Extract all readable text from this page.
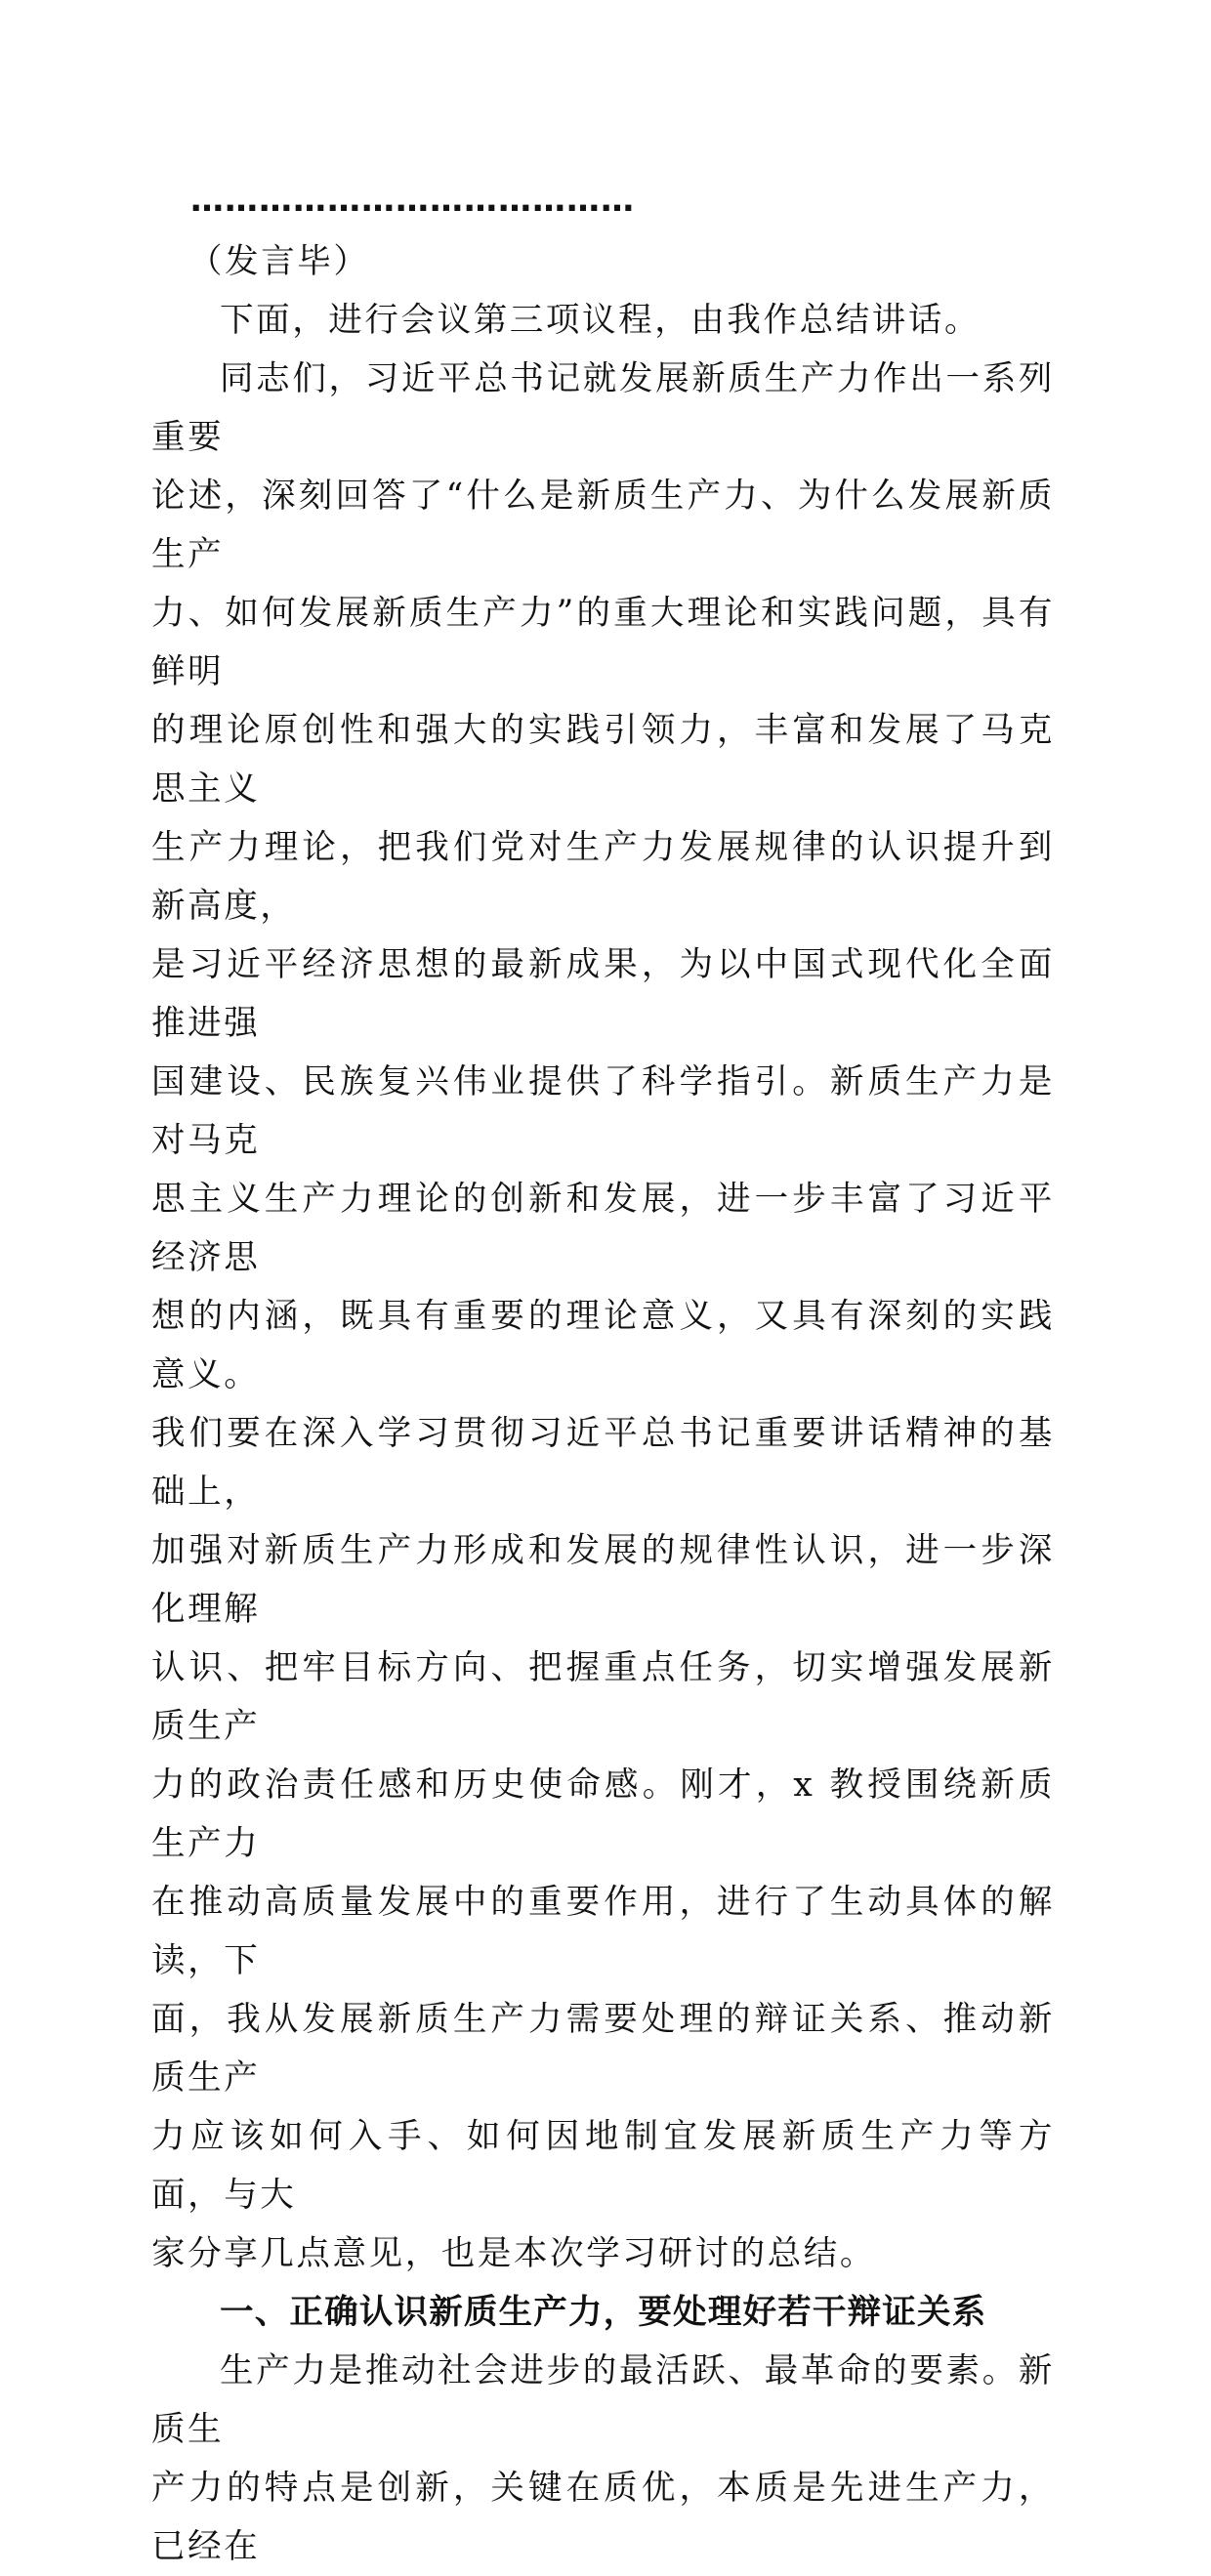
…………………………………

（发言毕）

下面，进行会议第三项议程，由我作总结讲话。

同志们，习近平总书记就发展新质生产力作出一系列重要
论述，深刻回答了“什么是新质生产力、为什么发展新质生产
力、如何发展新质生产力”的重大理论和实践问题，具有鲜明
的理论原创性和强大的实践引领力，丰富和发展了马克思主义
生产力理论，把我们党对生产力发展规律的认识提升到新高度，
是习近平经济思想的最新成果，为以中国式现代化全面推进强
国建设、民族复兴伟业提供了科学指引。新质生产力是对马克
思主义生产力理论的创新和发展，进一步丰富了习近平经济思
想的内涵，既具有重要的理论意义，又具有深刻的实践意义。
我们要在深入学习贯彻习近平总书记重要讲话精神的基础上，
加强对新质生产力形成和发展的规律性认识，进一步深化理解
认识、把牢目标方向、把握重点任务，切实增强发展新质生产
力的政治责任感和历史使命感。刚才，x 教授围绕新质生产力
在推动高质量发展中的重要作用，进行了生动具体的解读，下
面，我从发展新质生产力需要处理的辩证关系、推动新质生产
力应该如何入手、如何因地制宜发展新质生产力等方面，与大
家分享几点意见，也是本次学习研讨的总结。

一、正确认识新质生产力，要处理好若干辩证关系

生产力是推动社会进步的最活跃、最革命的要素。新质生
产力的特点是创新，关键在质优，本质是先进生产力，已经在
